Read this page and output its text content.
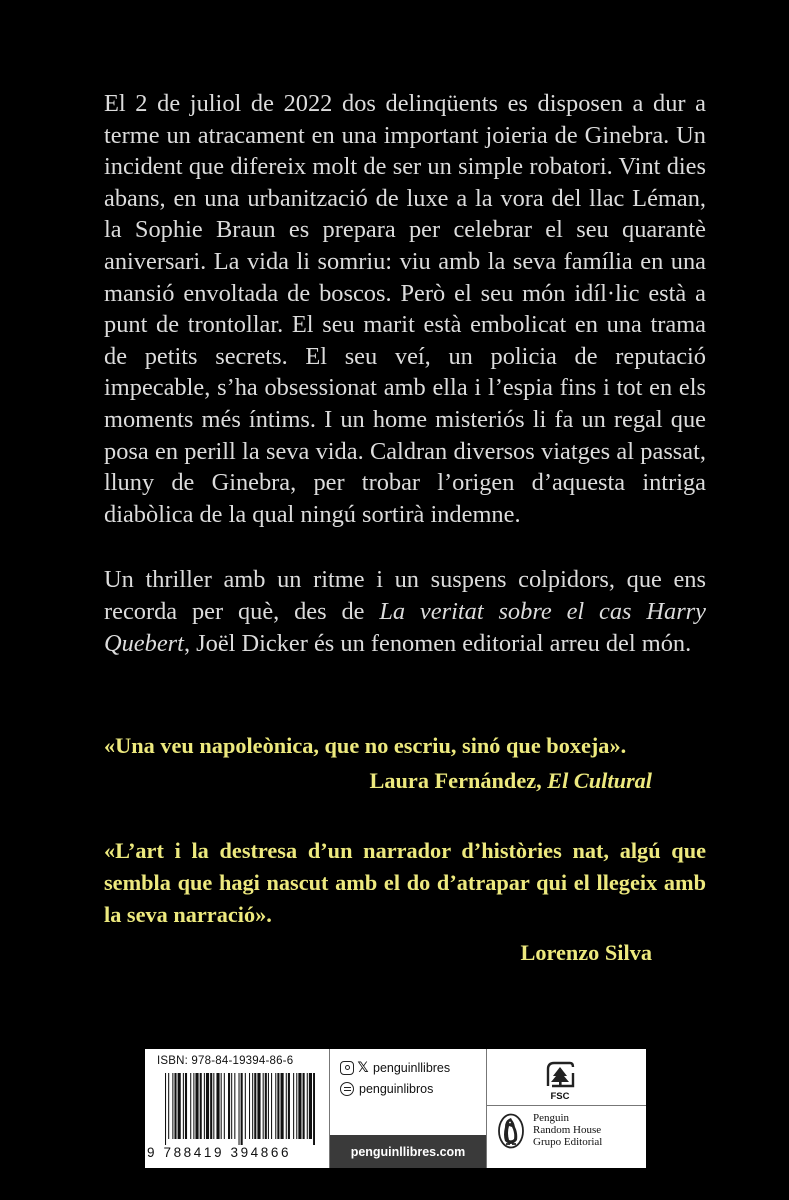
El 2 de juliol de 2022 dos delinqüents es disposen a dur a terme un atracament en una important joieria de Ginebra. Un incident que difereix molt de ser un simple robatori. Vint dies abans, en una urbanització de luxe a la vora del llac Léman, la Sophie Braun es prepara per celebrar el seu quarantè aniversari. La vida li somriu: viu amb la seva família en una mansió envoltada de boscos. Però el seu món idíl·lic està a punt de trontollar. El seu marit està embolicat en una trama de petits secrets. El seu veí, un policia de reputació impecable, s’ha obsessionat amb ella i l’espia fins i tot en els moments més íntims. I un home misteriós li fa un regal que posa en perill la seva vida. Caldran diversos viatges al passat, lluny de Ginebra, per trobar l’origen d’aquesta intriga diabòlica de la qual ningú sortirà indemne.

Un thriller amb un ritme i un suspens colpidors, que ens recorda per què, des de La veritat sobre el cas Harry Quebert, Joël Dicker és un fenomen editorial arreu del món.

«Una veu napoleònica, que no escriu, sinó que boxeja».

Laura Fernández, El Cultural

«L’art i la destresa d’un narrador d’històries nat, algú que sembla que hagi nascut amb el do d’atrapar qui el llegeix amb la seva narració».

Lorenzo Silva

ISBN: 978-84-19394-86-6
9 788419 394866
𝕏 penguinllibres
penguinlibros
penguinllibres.com
FSC
Penguin
Random House
Grupo Editorial
